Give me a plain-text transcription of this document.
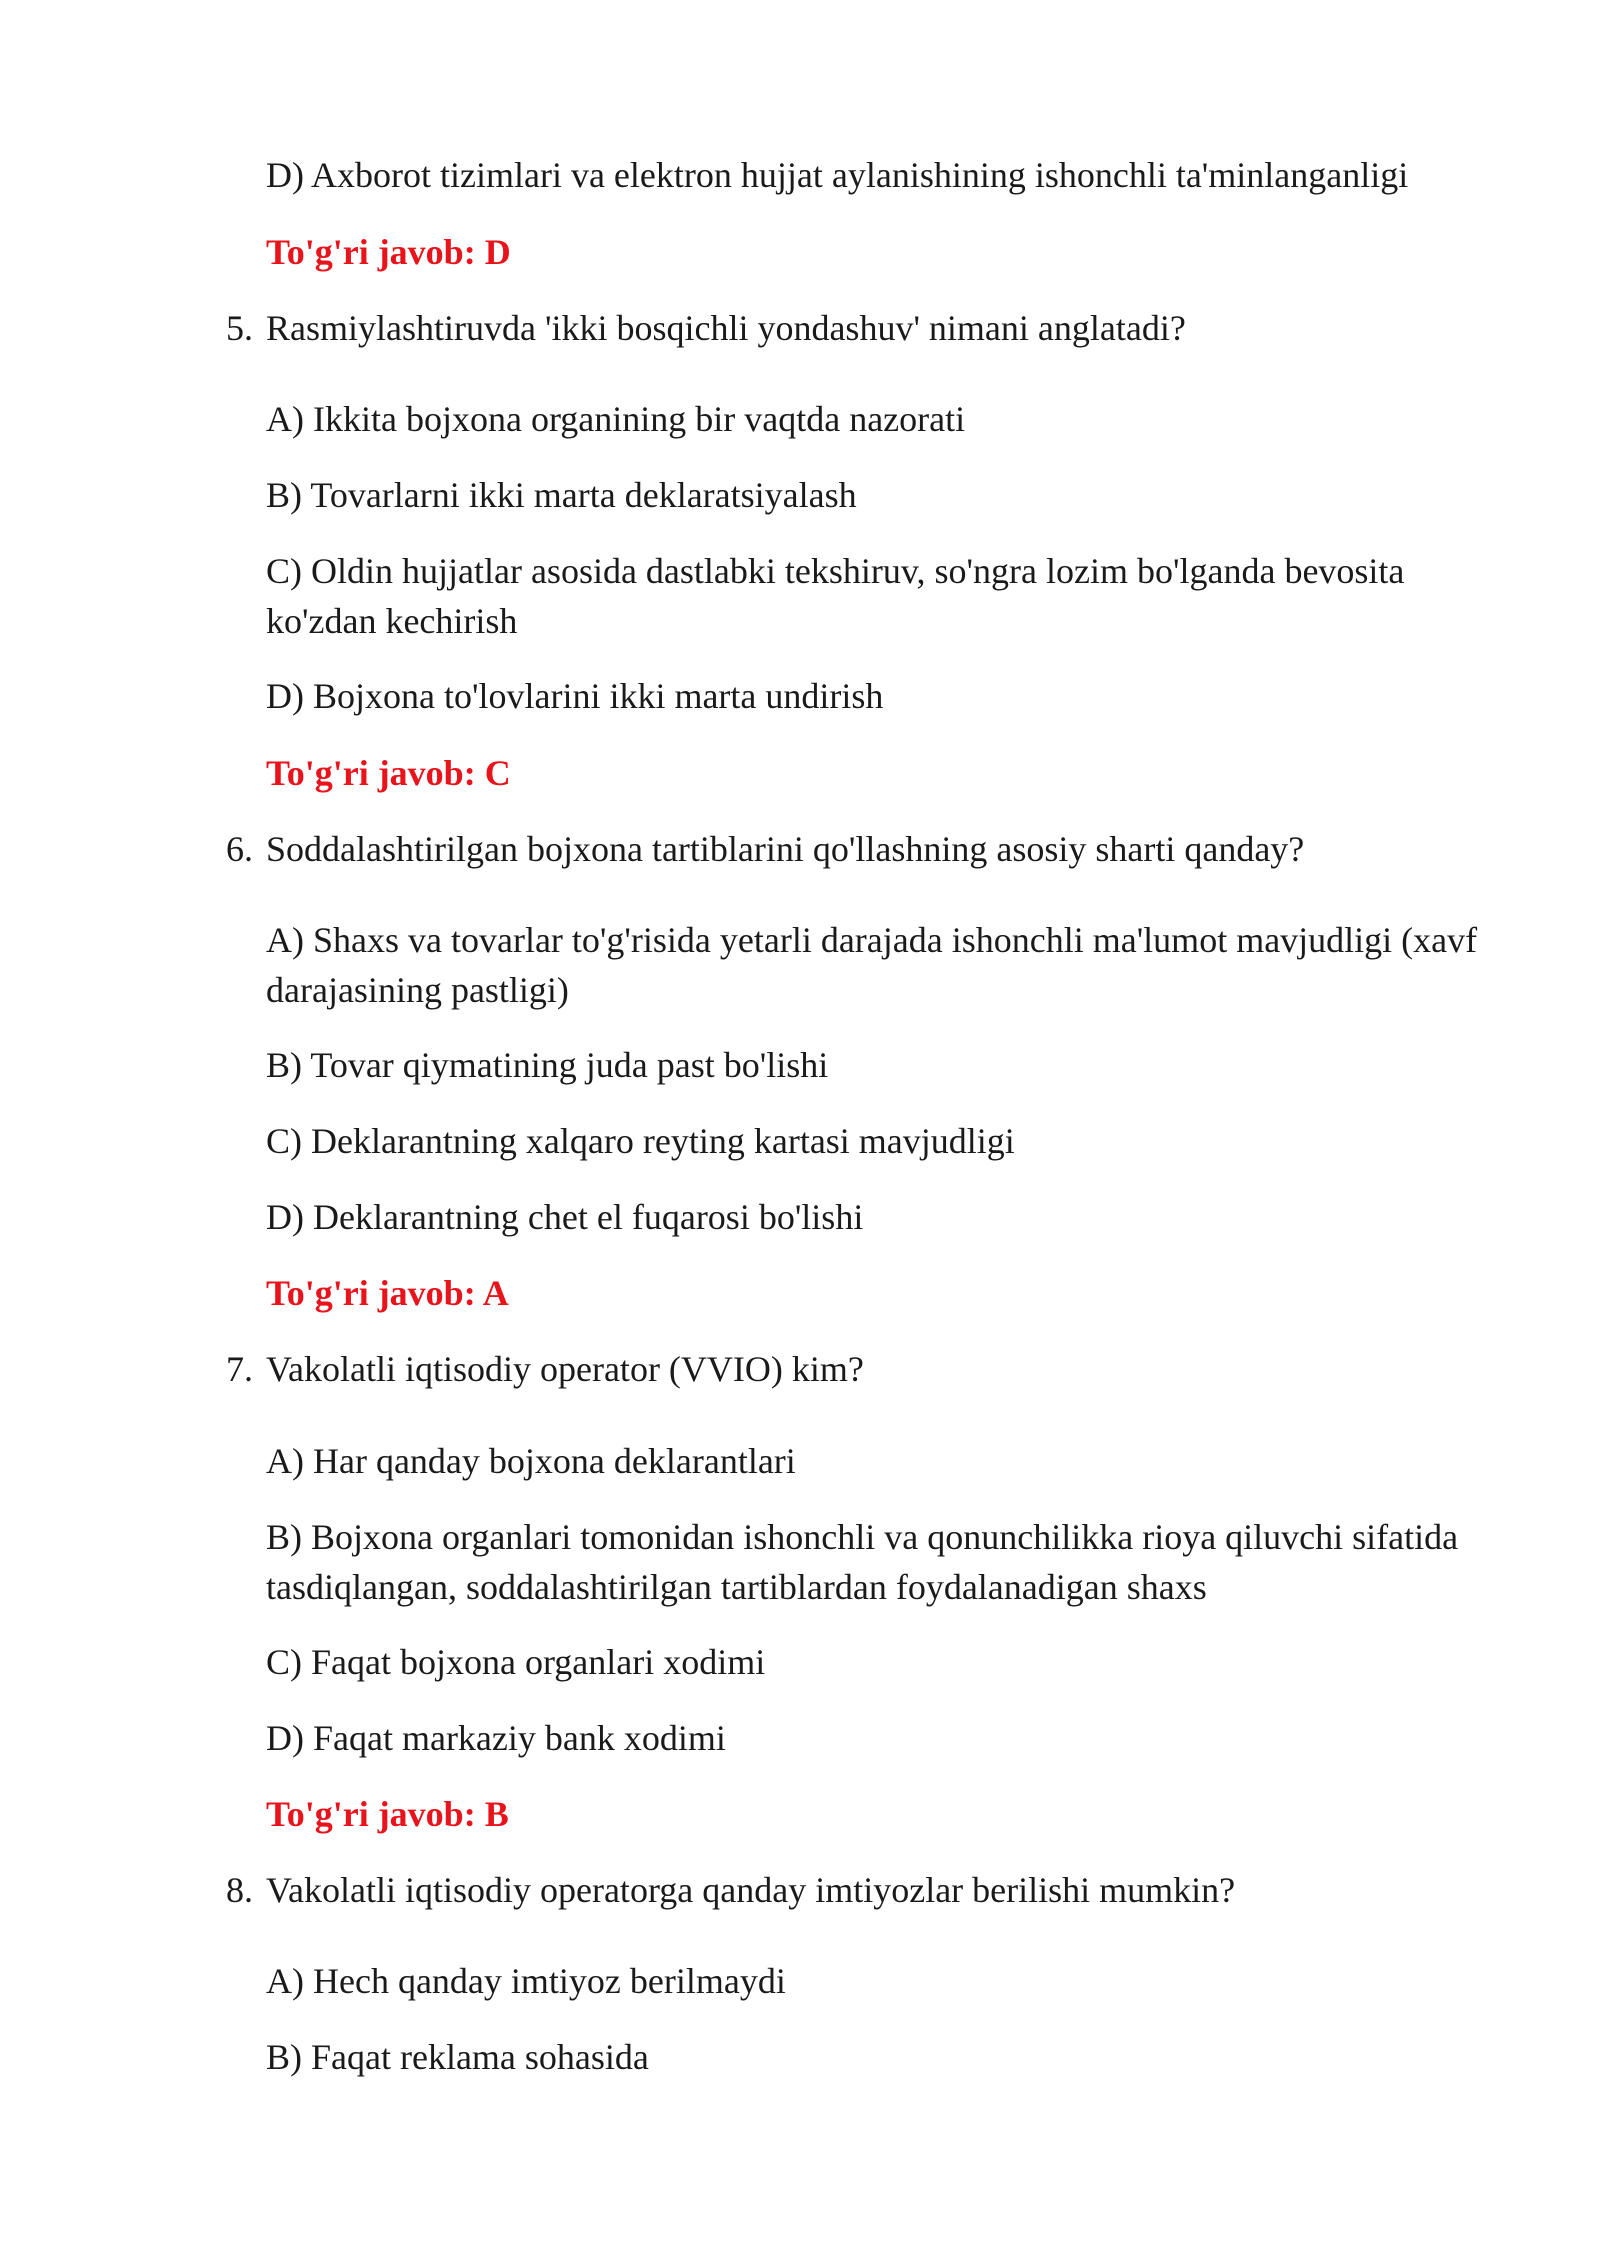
D) Axborot tizimlari va elektron hujjat aylanishining ishonchli ta'minlanganligi
To'g'ri javob: D
5. Rasmiylashtiruvda 'ikki bosqichli yondashuv' nimani anglatadi?
A) Ikkita bojxona organining bir vaqtda nazorati
B) Tovarlarni ikki marta deklaratsiyalash
C) Oldin hujjatlar asosida dastlabki tekshiruv, so'ngra lozim bo'lganda bevosita ko'zdan kechirish
D) Bojxona to'lovlarini ikki marta undirish
To'g'ri javob: C
6. Soddalashtirilgan bojxona tartiblarini qo'llashning asosiy sharti qanday?
A) Shaxs va tovarlar to'g'risida yetarli darajada ishonchli ma'lumot mavjudligi (xavf darajasining pastligi)
B) Tovar qiymatining juda past bo'lishi
C) Deklarantning xalqaro reyting kartasi mavjudligi
D) Deklarantning chet el fuqarosi bo'lishi
To'g'ri javob: A
7. Vakolatli iqtisodiy operator (VVIO) kim?
A) Har qanday bojxona deklarantlari
B) Bojxona organlari tomonidan ishonchli va qonunchilikka rioya qiluvchi sifatida tasdiqlangan, soddalashtirilgan tartiblardan foydalanadigan shaxs
C) Faqat bojxona organlari xodimi
D) Faqat markaziy bank xodimi
To'g'ri javob: B
8. Vakolatli iqtisodiy operatorga qanday imtiyozlar berilishi mumkin?
A) Hech qanday imtiyoz berilmaydi
B) Faqat reklama sohasida
